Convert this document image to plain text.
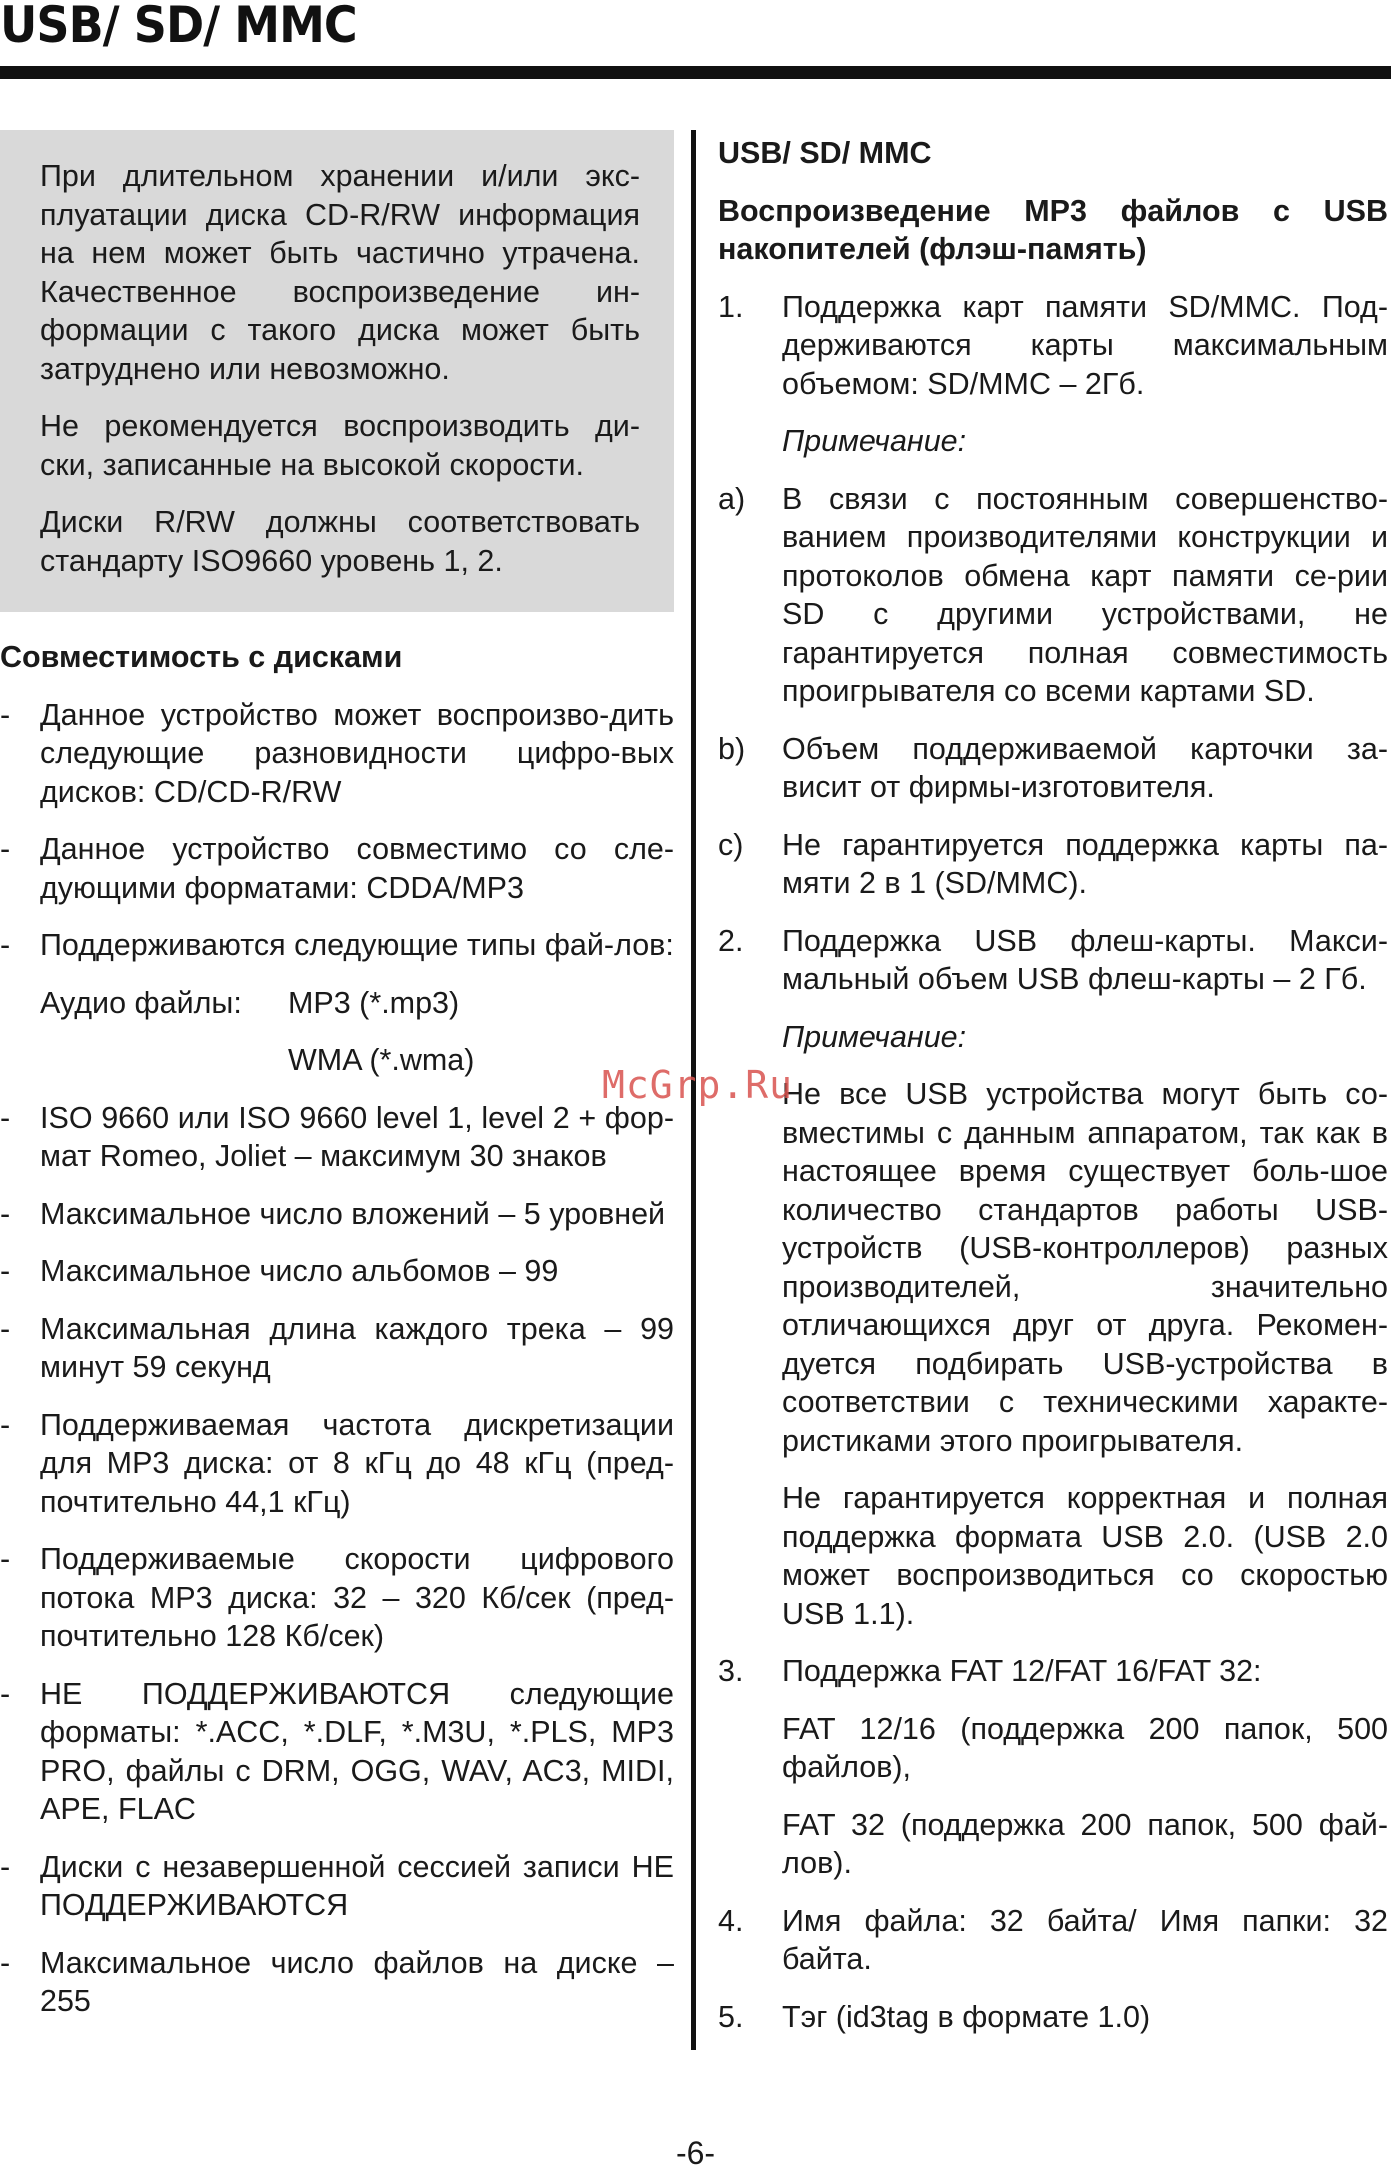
USB/ SD/ MMC

При длительном хранении и/или экс-плуатации диска CD-R/RW информация на нем может быть частично утрачена. Качественное воспроизведение ин-формации с такого диска может быть затруднено или невозможно.

Не рекомендуется воспроизводить ди-ски, записанные на высокой скорости.

Диски R/RW должны соответствовать стандарту ISO9660 уровень 1, 2.

Совместимость с дисками
- Данное устройство может воспроизво-дить следующие разновидности цифро-вых дисков: CD/CD-R/RW
- Данное устройство совместимо со сле-дующими форматами: CDDA/MP3
- Поддерживаются следующие типы фай-лов:

Аудио файлы:	MP3 (*.mp3)

WMA (*.wma)

- ISO 9660 или ISO 9660 level 1, level 2 + фор-мат Romeo, Joliet – максимум 30 знаков
- Максимальное число вложений – 5 уровней
- Максимальное число альбомов – 99
- Максимальная длина каждого трека – 99 минут 59 секунд
- Поддерживаемая частота дискретизации для MP3 диска: от 8 кГц до 48 кГц (пред-почтительно 44,1 кГц)
- Поддерживаемые скорости цифрового потока MP3 диска: 32 – 320 Кб/сек (пред-почтительно 128 Кб/сек)
- НЕ ПОДДЕРЖИВАЮТСЯ следующие форматы: *.ACC, *.DLF, *.M3U, *.PLS, MP3 PRO, файлы с DRM, OGG, WAV, AC3, MIDI, APE, FLAC
- Диски с незавершенной сессией записи НЕ ПОДДЕРЖИВАЮТСЯ
- Максимальное число файлов на диске – 255
USB/ SD/ MMC
Воспроизведение MP3 файлов с USB накопителей (флэш-память)
1.	Поддержка карт памяти SD/MMC. Под-держиваются карты максимальным объемом: SD/MMC – 2Гб.

Примечание:

a)	В связи с постоянным совершенство-ванием производителями конструкции и протоколов обмена карт памяти се-рии SD с другими устройствами, не гарантируется полная совместимость проигрывателя со всеми картами SD.
b)	Объем поддерживаемой карточки за-висит от фирмы-изготовителя.
c)	Не гарантируется поддержка карты па-мяти 2 в 1 (SD/MMC).
2.	Поддержка USB флеш-карты. Макси-мальный объем USB флеш-карты – 2 Гб.

Примечание:

Не все USB устройства могут быть со-вместимы с данным аппаратом, так как в настоящее время существует боль-шое количество стандартов работы USB-устройств (USB-контроллеров) разных производителей, значительно отличающихся друг от друга. Рекомен-дуется подбирать USB-устройства в соответствии с техническими характе-ристиками этого проигрывателя.

Не гарантируется корректная и полная поддержка формата USB 2.0. (USB 2.0 может воспроизводиться со скоростью USB 1.1).

3.	Поддержка FAT 12/FAT 16/FAT 32:

FAT 12/16 (поддержка 200 папок, 500 файлов),

FAT 32 (поддержка 200 папок, 500 фай-лов).

4.	Имя файла: 32 байта/ Имя папки: 32 байта.
5.	Тэг (id3tag в формате 1.0)
McGrp.Ru
-6-
